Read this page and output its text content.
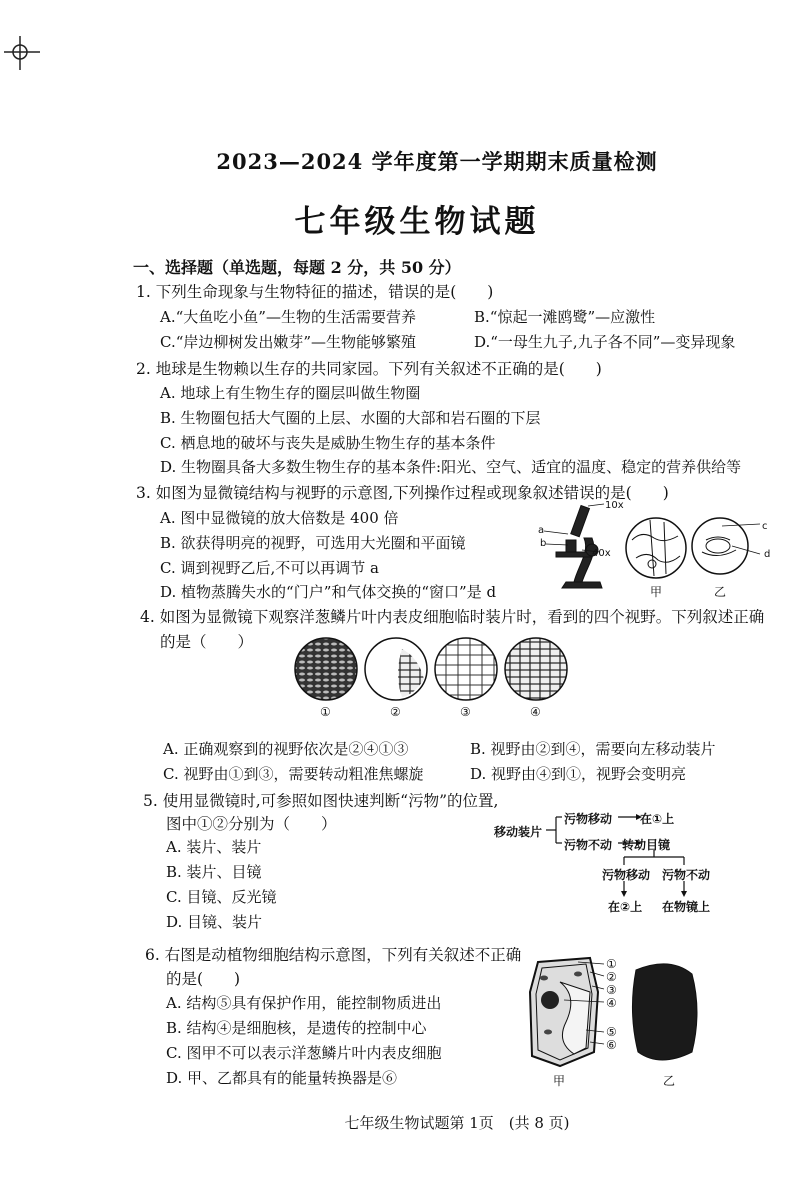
2023—2024 学年度第一学期期末质量检测
七年级生物试题
一、选择题（单选题，每题 2 分，共 50 分）
1. 下列生命现象与生物特征的描述，错误的是(　　)
A.“大鱼吃小鱼”—生物的生活需要营养	B.“惊起一滩鸥鹭”—应激性
C.“岸边柳树发出嫩芽”—生物能够繁殖	D.“一母生九子,九子各不同”—变异现象
2. 地球是生物赖以生存的共同家园。下列有关叙述不正确的是(　　)
A. 地球上有生物生存的圈层叫做生物圈
B. 生物圈包括大气圈的上层、水圈的大部和岩石圈的下层
C. 栖息地的破坏与丧失是威胁生物生存的基本条件
D. 生物圈具备大多数生物生存的基本条件:阳光、空气、适宜的温度、稳定的营养供给等
3. 如图为显微镜结构与视野的示意图,下列操作过程或现象叙述错误的是(　　)
A. 图中显微镜的放大倍数是 400 倍
B. 欲获得明亮的视野，可选用大光圈和平面镜
C. 调到视野乙后,不可以再调节 a
D. 植物蒸腾失水的“门户”和气体交换的“窗口”是 d
a
b
c
d
10x
40x
甲	乙
4. 如图为显微镜下观察洋葱鳞片叶内表皮细胞临时装片时，看到的四个视野。下列叙述正确
的是（　　）
①	②	③	④
A. 正确观察到的视野依次是②④①③	B. 视野由②到④，需要向左移动装片
C. 视野由①到③，需要转动粗准焦螺旋	D. 视野由④到①，视野会变明亮
5. 使用显微镜时,可参照如图快速判断“污物”的位置,
图中①②分别为（　　）
A. 装片、装片
B. 装片、目镜
C. 目镜、反光镜
D. 目镜、装片
移动装片
污物移动 在①上
污物不动 转动目镜
污物移动 污物不动
在②上 在物镜上
6. 右图是动植物细胞结构示意图，下列有关叙述不正确
的是(　　)
A. 结构⑤具有保护作用，能控制物质进出
B. 结构④是细胞核，是遗传的控制中心
C. 图甲不可以表示洋葱鳞片叶内表皮细胞
D. 甲、乙都具有的能量转换器是⑥
①
②
③
④
⑤
⑥
甲	乙
七年级生物试题第 1页　(共 8 页)
